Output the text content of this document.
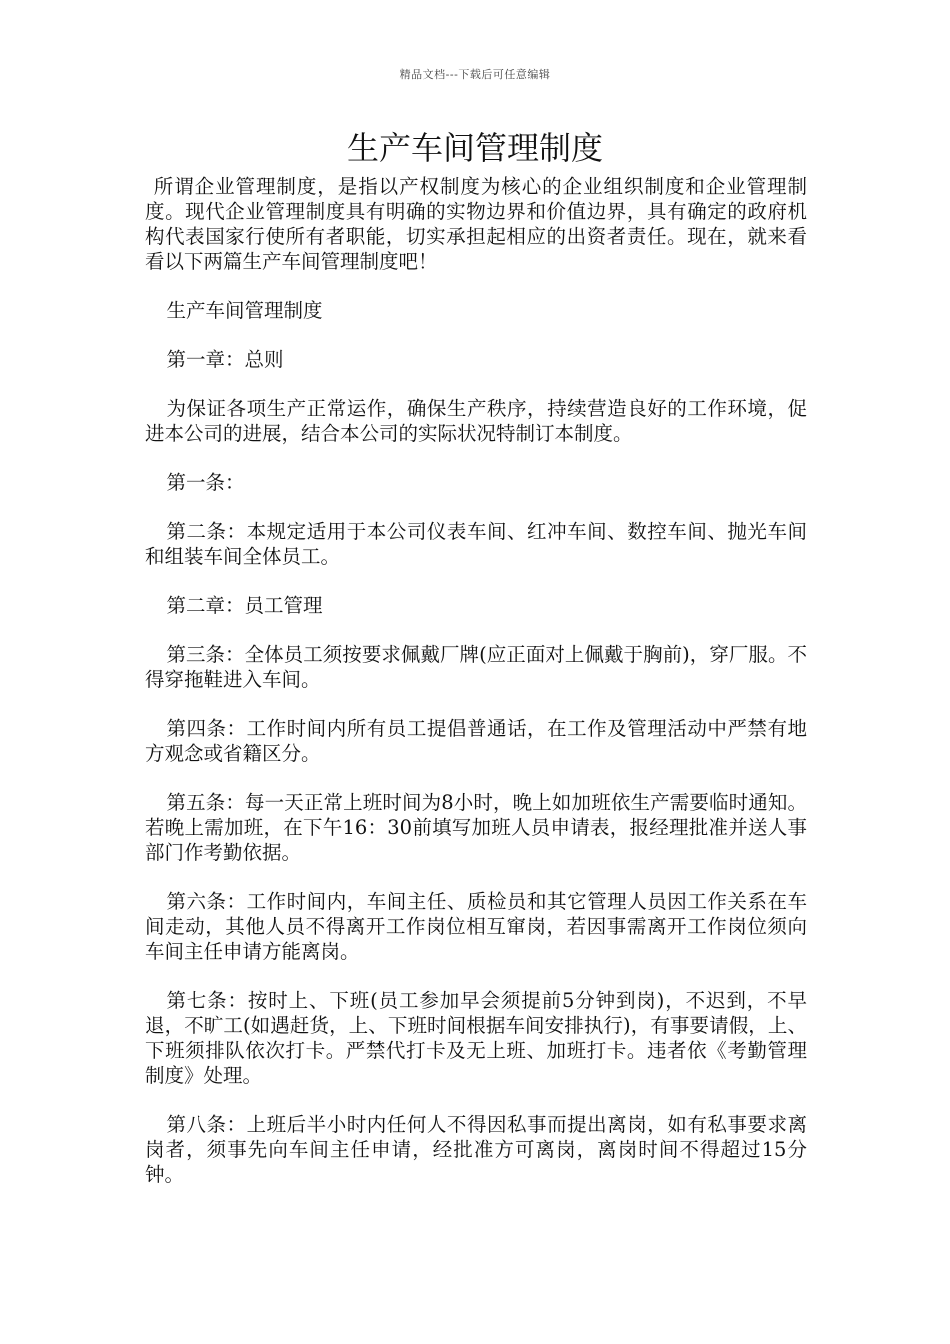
精品文档---下载后可任意编辑
生产车间管理制度

所谓企业管理制度，是指以产权制度为核心的企业组织制度和企业管理制度。现代企业管理制度具有明确的实物边界和价值边界，具有确定的政府机构代表国家行使所有者职能，切实承担起相应的出资者责任。现在，就来看看以下两篇生产车间管理制度吧！

生产车间管理制度

第一章：总则

为保证各项生产正常运作，确保生产秩序，持续营造良好的工作环境，促进本公司的进展，结合本公司的实际状况特制订本制度。

第一条：

第二条：本规定适用于本公司仪表车间、红冲车间、数控车间、抛光车间和组装车间全体员工。

第二章：员工管理

第三条：全体员工须按要求佩戴厂牌(应正面对上佩戴于胸前)，穿厂服。不得穿拖鞋进入车间。

第四条：工作时间内所有员工提倡普通话，在工作及管理活动中严禁有地方观念或省籍区分。

第五条：每一天正常上班时间为8小时，晚上如加班依生产需要临时通知。若晚上需加班，在下午16：30前填写加班人员申请表，报经理批准并送人事部门作考勤依据。

第六条：工作时间内，车间主任、质检员和其它管理人员因工作关系在车间走动，其他人员不得离开工作岗位相互窜岗，若因事需离开工作岗位须向车间主任申请方能离岗。

第七条：按时上、下班(员工参加早会须提前5分钟到岗)，不迟到，不早退，不旷工(如遇赶货，上、下班时间根据车间安排执行)，有事要请假，上、下班须排队依次打卡。严禁代打卡及无上班、加班打卡。违者依《考勤管理制度》处理。

第八条：上班后半小时内任何人不得因私事而提出离岗，如有私事要求离岗者，须事先向车间主任申请，经批准方可离岗，离岗时间不得超过15分钟。
